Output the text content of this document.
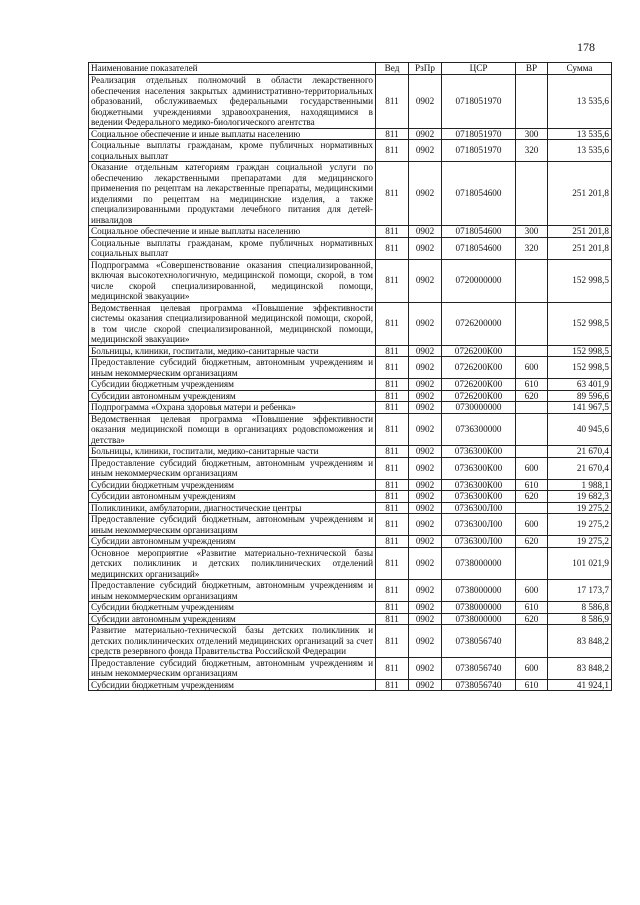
178
Наименование показателей	Вед	РзПр	ЦСР	ВР	Сумма
Реализация отдельных полномочий в области лекарственного обеспечения населения закрытых административно-территориальных образований, обслуживаемых федеральными государственными бюджетными учреждениями здравоохранения, находящимися в ведении Федерального медико-биологического агентства	811	0902	0718051970		13 535,6
Социальное обеспечение и иные выплаты населению	811	0902	0718051970	300	13 535,6
Социальные выплаты гражданам, кроме публичных нормативных социальных выплат	811	0902	0718051970	320	13 535,6
Оказание отдельным категориям граждан социальной услуги по обеспечению лекарственными препаратами для медицинского применения по рецептам на лекарственные препараты, медицинскими изделиями по рецептам на медицинские изделия, а также специализированными продуктами лечебного питания для детей-инвалидов	811	0902	0718054600		251 201,8
Социальное обеспечение и иные выплаты населению	811	0902	0718054600	300	251 201,8
Социальные выплаты гражданам, кроме публичных нормативных социальных выплат	811	0902	0718054600	320	251 201,8
Подпрограмма «Совершенствование оказания специализированной, включая высокотехнологичную, медицинской помощи, скорой, в том числе скорой специализированной, медицинской помощи, медицинской эвакуации»	811	0902	0720000000		152 998,5
Ведомственная целевая программа «Повышение эффективности системы оказания специализированной медицинской помощи, скорой, в том числе скорой специализированной, медицинской помощи, медицинской эвакуации»	811	0902	0726200000		152 998,5
Больницы, клиники, госпитали, медико-санитарные части	811	0902	0726200К00		152 998,5
Предоставление субсидий бюджетным, автономным учреждениям и иным некоммерческим организациям	811	0902	0726200К00	600	152 998,5
Субсидии бюджетным учреждениям	811	0902	0726200К00	610	63 401,9
Субсидии автономным учреждениям	811	0902	0726200К00	620	89 596,6
Подпрограмма «Охрана здоровья матери и ребенка»	811	0902	0730000000		141 967,5
Ведомственная целевая программа «Повышение эффективности оказания медицинской помощи в организациях родовспоможения и детства»	811	0902	0736300000		40 945,6
Больницы, клиники, госпитали, медико-санитарные части	811	0902	0736300К00		21 670,4
Предоставление субсидий бюджетным, автономным учреждениям и иным некоммерческим организациям	811	0902	0736300К00	600	21 670,4
Субсидии бюджетным учреждениям	811	0902	0736300К00	610	1 988,1
Субсидии автономным учреждениям	811	0902	0736300К00	620	19 682,3
Поликлиники, амбулатории, диагностические центры	811	0902	0736300Л00		19 275,2
Предоставление субсидий бюджетным, автономным учреждениям и иным некоммерческим организациям	811	0902	0736300Л00	600	19 275,2
Субсидии автономным учреждениям	811	0902	0736300Л00	620	19 275,2
Основное мероприятие «Развитие материально-технической базы детских поликлиник и детских поликлинических отделений медицинских организаций»	811	0902	0738000000		101 021,9
Предоставление субсидий бюджетным, автономным учреждениям и иным некоммерческим организациям	811	0902	0738000000	600	17 173,7
Субсидии бюджетным учреждениям	811	0902	0738000000	610	8 586,8
Субсидии автономным учреждениям	811	0902	0738000000	620	8 586,9
Развитие материально-технической базы детских поликлиник и детских поликлинических отделений медицинских организаций за счет средств резервного фонда Правительства Российской Федерации	811	0902	0738056740		83 848,2
Предоставление субсидий бюджетным, автономным учреждениям и иным некоммерческим организациям	811	0902	0738056740	600	83 848,2
Субсидии бюджетным учреждениям	811	0902	0738056740	610	41 924,1
